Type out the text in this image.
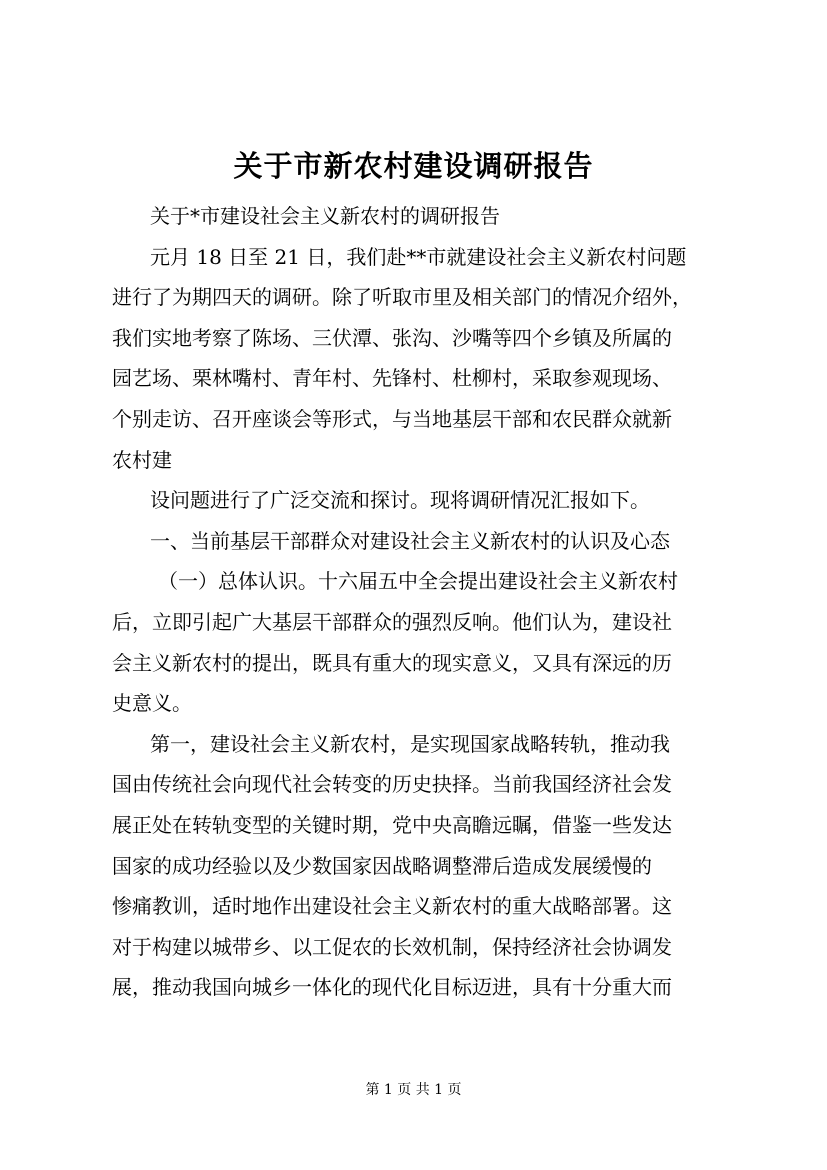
关于市新农村建设调研报告
关于*市建设社会主义新农村的调研报告
元月 18 日至 21 日，我们赴**市就建设社会主义新农村问题
进行了为期四天的调研。除了听取市里及相关部门的情况介绍外，
我们实地考察了陈场、三伏潭、张沟、沙嘴等四个乡镇及所属的
园艺场、栗林嘴村、青年村、先锋村、杜柳村，采取参观现场、
个别走访、召开座谈会等形式，与当地基层干部和农民群众就新
农村建
设问题进行了广泛交流和探讨。现将调研情况汇报如下。
一、当前基层干部群众对建设社会主义新农村的认识及心态
（一）总体认识。十六届五中全会提出建设社会主义新农村
后，立即引起广大基层干部群众的强烈反响。他们认为，建设社
会主义新农村的提出，既具有重大的现实意义，又具有深远的历
史意义。
第一，建设社会主义新农村，是实现国家战略转轨，推动我
国由传统社会向现代社会转变的历史抉择。当前我国经济社会发
展正处在转轨变型的关键时期，党中央高瞻远瞩，借鉴一些发达
国家的成功经验以及少数国家因战略调整滞后造成发展缓慢的
惨痛教训，适时地作出建设社会主义新农村的重大战略部署。这
对于构建以城带乡、以工促农的长效机制，保持经济社会协调发
展，推动我国向城乡一体化的现代化目标迈进，具有十分重大而
第 1 页 共 1 页
